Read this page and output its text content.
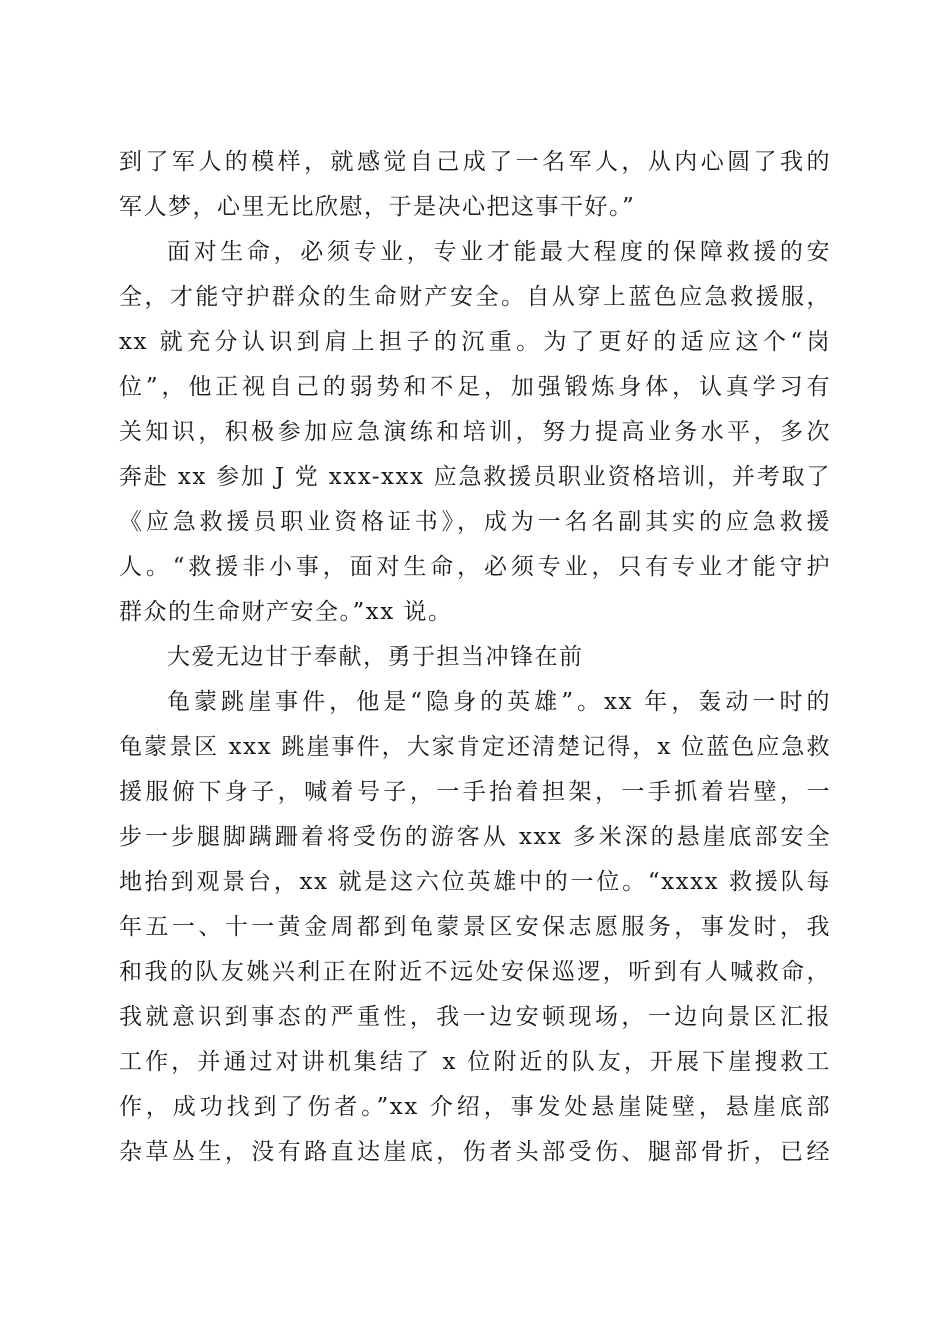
到了军人的模样，就感觉自己成了一名军人，从内心圆了我的
军人梦，心里无比欣慰，于是决心把这事干好。”
面对生命，必须专业，专业才能最大程度的保障救援的安
全，才能守护群众的生命财产安全。自从穿上蓝色应急救援服，
xx 就充分认识到肩上担子的沉重。为了更好的适应这个“岗
位”，他正视自己的弱势和不足，加强锻炼身体，认真学习有
关知识，积极参加应急演练和培训，努力提高业务水平，多次
奔赴 xx 参加 J 党 xxx-xxx 应急救援员职业资格培训，并考取了
《应急救援员职业资格证书》，成为一名名副其实的应急救援
人。“救援非小事，面对生命，必须专业，只有专业才能守护
群众的生命财产安全。”xx 说。
大爱无边甘于奉献，勇于担当冲锋在前
龟蒙跳崖事件，他是“隐身的英雄”。xx 年，轰动一时的
龟蒙景区 xxx 跳崖事件，大家肯定还清楚记得，x 位蓝色应急救
援服俯下身子，喊着号子，一手抬着担架，一手抓着岩壁，一
步一步腿脚蹒跚着将受伤的游客从 xxx 多米深的悬崖底部安全
地抬到观景台，xx 就是这六位英雄中的一位。“xxxx 救援队每
年五一、十一黄金周都到龟蒙景区安保志愿服务，事发时，我
和我的队友姚兴利正在附近不远处安保巡逻，听到有人喊救命，
我就意识到事态的严重性，我一边安顿现场，一边向景区汇报
工作，并通过对讲机集结了 x 位附近的队友，开展下崖搜救工
作，成功找到了伤者。”xx 介绍，事发处悬崖陡壁，悬崖底部
杂草丛生，没有路直达崖底，伤者头部受伤、腿部骨折，已经
